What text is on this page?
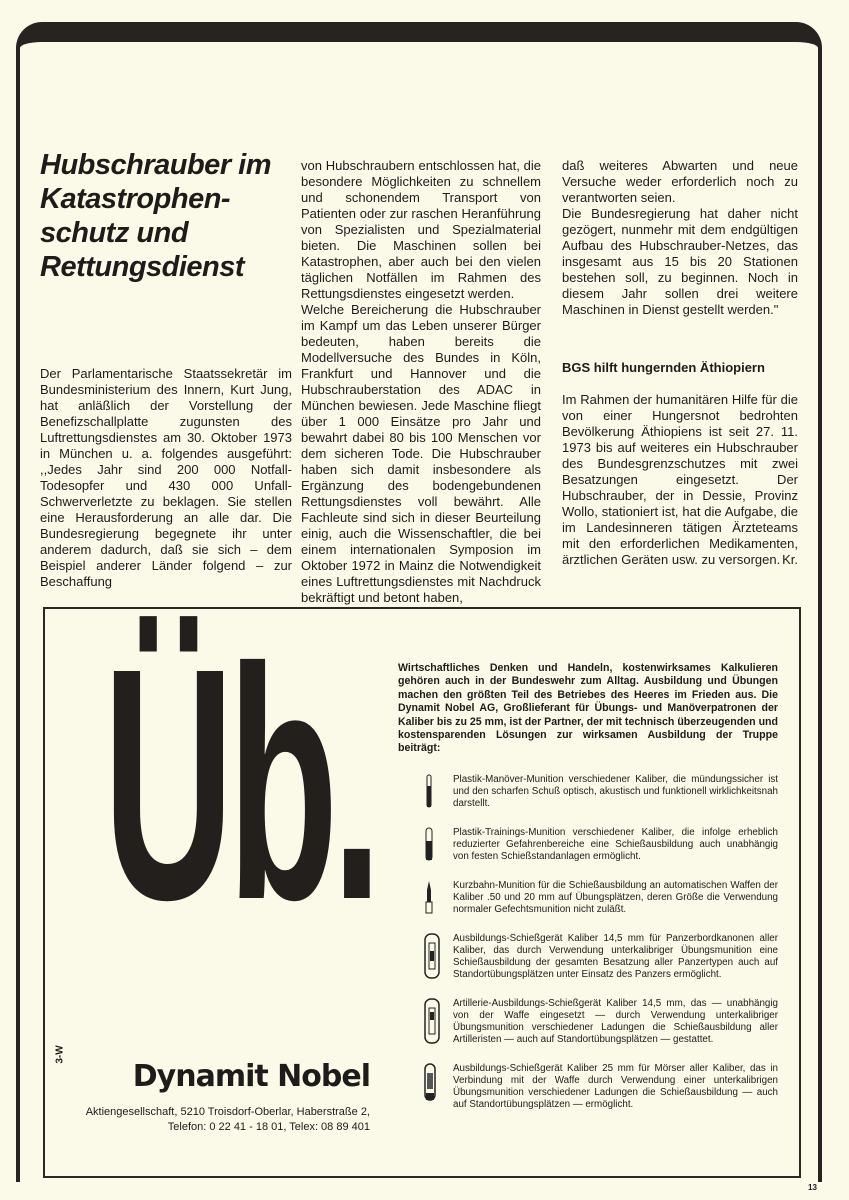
Hubschrauber im Katastrophenschutz und Rettungsdienst

Der Parlamentarische Staatssekretär im Bundesministerium des Innern, Kurt Jung, hat anläßlich der Vorstellung der Benefizschallplatte zugunsten des Luftrettungsdienstes am 30. Oktober 1973 in München u. a. folgendes ausgeführt: ,,Jedes Jahr sind 200 000 Notfall-Todesopfer und 430 000 Unfall-Schwerverletzte zu beklagen. Sie stellen eine Herausforderung an alle dar. Die Bundesregierung begegnete ihr unter anderem dadurch, daß sie sich – dem Beispiel anderer Länder folgend – zur Beschaffung

von Hubschraubern entschlossen hat, die besondere Möglichkeiten zu schnellem und schonendem Transport von Patienten oder zur raschen Heranführung von Spezialisten und Spezialmaterial bieten. Die Maschinen sollen bei Katastrophen, aber auch bei den vielen täglichen Notfällen im Rahmen des Rettungsdienstes eingesetzt werden.

Welche Bereicherung die Hubschrauber im Kampf um das Leben unserer Bürger bedeuten, haben bereits die Modellversuche des Bundes in Köln, Frankfurt und Hannover und die Hubschrauberstation des ADAC in München bewiesen. Jede Maschine fliegt über 1 000 Einsätze pro Jahr und bewahrt dabei 80 bis 100 Menschen vor dem sicheren Tode. Die Hubschrauber haben sich damit insbesondere als Ergänzung des bodengebundenen Rettungsdienstes voll bewährt. Alle Fachleute sind sich in dieser Beurteilung einig, auch die Wissenschaftler, die bei einem internationalen Symposion im Oktober 1972 in Mainz die Notwendigkeit eines Luftrettungsdienstes mit Nachdruck bekräftigt und betont haben,

daß weiteres Abwarten und neue Versuche weder erforderlich noch zu verantworten seien.

Die Bundesregierung hat daher nicht gezögert, nunmehr mit dem endgültigen Aufbau des Hubschrauber-Netzes, das insgesamt aus 15 bis 20 Stationen bestehen soll, zu beginnen. Noch in diesem Jahr sollen drei weitere Maschinen in Dienst gestellt werden."

BGS hilft hungernden Äthiopiern

Im Rahmen der humanitären Hilfe für die von einer Hungersnot bedrohten Bevölkerung Äthiopiens ist seit 27. 11. 1973 bis auf weiteres ein Hubschrauber des Bundesgrenzschutzes mit zwei Besatzungen eingesetzt. Der Hubschrauber, der in Dessie, Provinz Wollo, stationiert ist, hat die Aufgabe, die im Landesinneren tätigen Ärzteteams mit den erforderlichen Medikamenten, ärztlichen Geräten usw. zu versorgen. Kr.

Üb. Wirtschaftliches Denken und Handeln, kostenwirksames Kalkulieren gehören auch in der Bundeswehr zum Alltag. Ausbildung und Übungen machen den größten Teil des Betriebes des Heeres im Frieden aus. Die Dynamit Nobel AG, Großlieferant für Übungs- und Manöverpatronen der Kaliber bis zu 25 mm, ist der Partner, der mit technisch überzeugenden und kostensparenden Lösungen zur wirksamen Ausbildung der Truppe beiträgt:

Plastik-Manöver-Munition verschiedener Kaliber, die mündungssicher ist und den scharfen Schuß optisch, akustisch und funktionell wirklichkeitsnah darstellt.
Plastik-Trainings-Munition verschiedener Kaliber, die infolge erheblich reduzierter Gefahrenbereiche eine Schießausbildung auch unabhängig von festen Schießstandanlagen ermöglicht.
Kurzbahn-Munition für die Schießausbildung an automatischen Waffen der Kaliber .50 und 20 mm auf Übungsplätzen, deren Größe die Verwendung normaler Gefechtsmunition nicht zuläßt.
Ausbildungs-Schießgerät Kaliber 14,5 mm für Panzerbordkanonen aller Kaliber, das durch Verwendung unterkalibriger Übungsmunition eine Schießausbildung der gesamten Besatzung aller Panzertypen auch auf Standortübungsplätzen unter Einsatz des Panzers ermöglicht.
Artillerie-Ausbildungs-Schießgerät Kaliber 14,5 mm, das — unabhängig von der Waffe eingesetzt — durch Verwendung unterkalibriger Übungsmunition verschiedener Ladungen die Schießausbildung aller Artilleristen — auch auf Standortübungsplätzen — gestattet.
Ausbildungs-Schießgerät Kaliber 25 mm für Mörser aller Kaliber, das in Verbindung mit der Waffe durch Verwendung einer unterkalibrigen Übungsmunition verschiedener Ladungen die Schießausbildung — auch auf Standortübungsplätzen — ermöglicht.
3-W
Dynamit Nobel
Aktiengesellschaft, 5210 Troisdorf-Oberlar, Haberstraße 2,
Telefon: 0 22 41 - 18 01, Telex: 08 89 401
13
